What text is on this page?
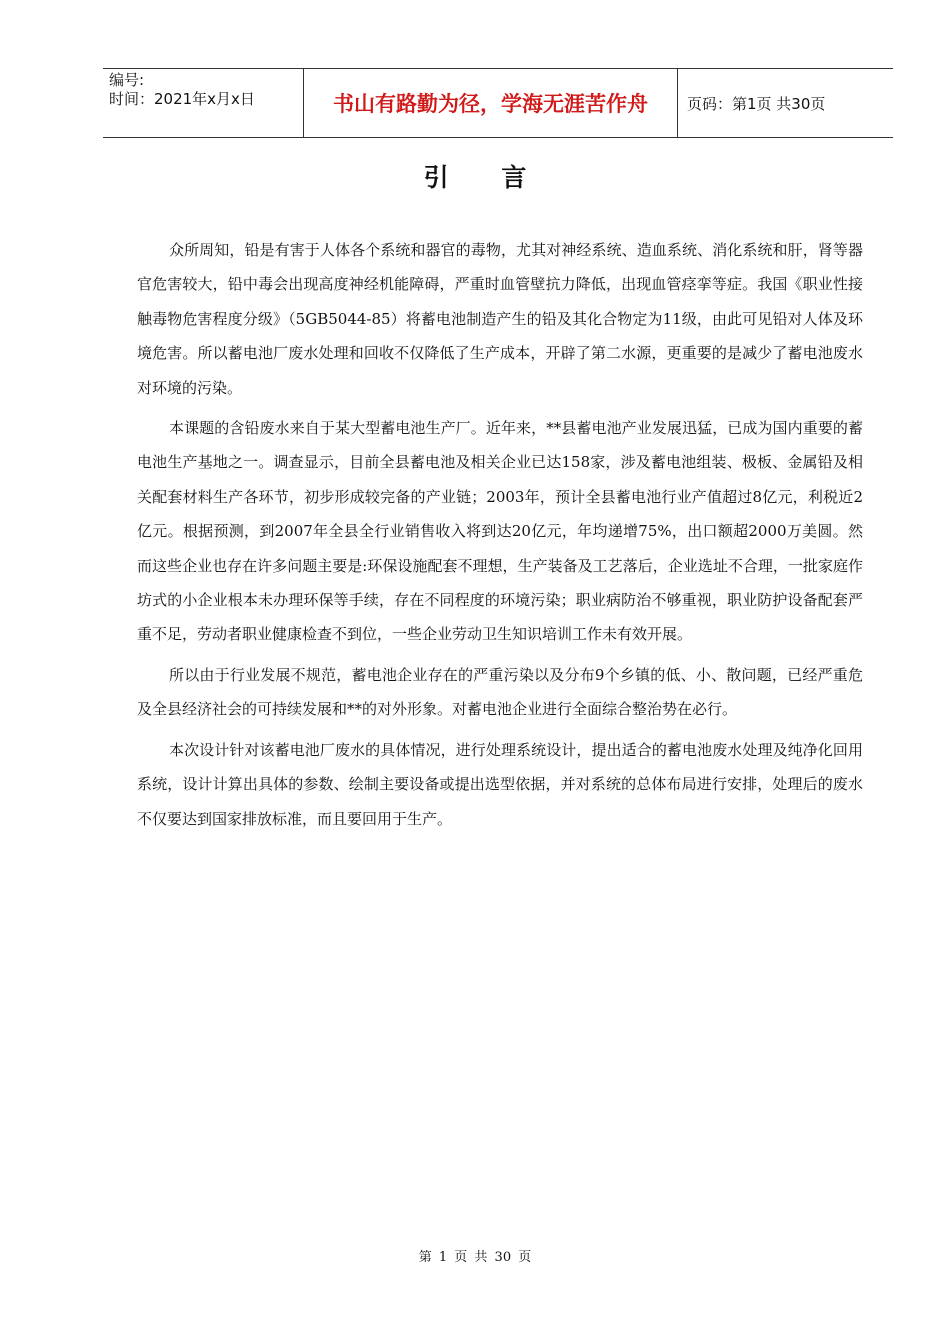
编号:
时间：2021年x月x日	书山有路勤为径，学海无涯苦作舟	页码：第1页 共30页
引 言

众所周知，铅是有害于人体各个系统和器官的毒物，尤其对神经系统、造血系统、消化系统和肝，肾等器官危害较大，铅中毒会出现高度神经机能障碍，严重时血管壁抗力降低，出现血管痉挛等症。我国《职业性接触毒物危害程度分级》（5GB5044-85）将蓄电池制造产生的铅及其化合物定为11级，由此可见铅对人体及环境危害。所以蓄电池厂废水处理和回收不仅降低了生产成本，开辟了第二水源，更重要的是减少了蓄电池废水对环境的污染。

本课题的含铅废水来自于某大型蓄电池生产厂。近年来，**县蓄电池产业发展迅猛，已成为国内重要的蓄电池生产基地之一。调查显示，目前全县蓄电池及相关企业已达158家，涉及蓄电池组装、极板、金属铅及相关配套材料生产各环节，初步形成较完备的产业链；2003年，预计全县蓄电池行业产值超过8亿元，利税近2亿元。根据预测，到2007年全县全行业销售收入将到达20亿元，年均递增75%，出口额超2000万美圆。然而这些企业也存在许多问题主要是:环保设施配套不理想，生产装备及工艺落后，企业选址不合理，一批家庭作坊式的小企业根本未办理环保等手续，存在不同程度的环境污染；职业病防治不够重视，职业防护设备配套严重不足，劳动者职业健康检查不到位，一些企业劳动卫生知识培训工作未有效开展。

所以由于行业发展不规范，蓄电池企业存在的严重污染以及分布9个乡镇的低、小、散问题，已经严重危及全县经济社会的可持续发展和**的对外形象。对蓄电池企业进行全面综合整治势在必行。

本次设计针对该蓄电池厂废水的具体情况，进行处理系统设计，提出适合的蓄电池废水处理及纯净化回用系统，设计计算出具体的参数、绘制主要设备或提出选型依据，并对系统的总体布局进行安排，处理后的废水不仅要达到国家排放标准，而且要回用于生产。

第 1 页 共 30 页
